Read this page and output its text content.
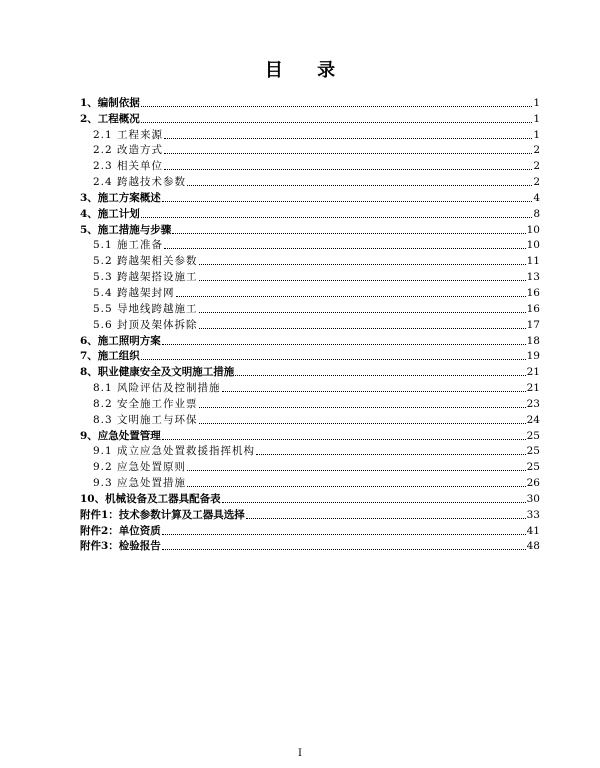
目 录
1、编制依据	1
2、工程概况	1
2.1 工程来源	1
2.2 改造方式	2
2.3 相关单位	2
2.4 跨越技术参数	2
3、施工方案概述	4
4、施工计划	8
5、施工措施与步骤	10
5.1 施工准备	10
5.2 跨越架相关参数	11
5.3 跨越架搭设施工	13
5.4 跨越架封网	16
5.5 导地线跨越施工	16
5.6 封顶及架体拆除	17
6、施工照明方案	18
7、施工组织	19
8、职业健康安全及文明施工措施	21
8.1 风险评估及控制措施	21
8.2 安全施工作业票	23
8.3 文明施工与环保	24
9、应急处置管理	25
9.1 成立应急处置救援指挥机构	25
9.2 应急处置原则	25
9.3 应急处置措施	26
10、机械设备及工器具配备表	30
附件1：技术参数计算及工器具选择	33
附件2：单位资质	41
附件3：检验报告	48
I
